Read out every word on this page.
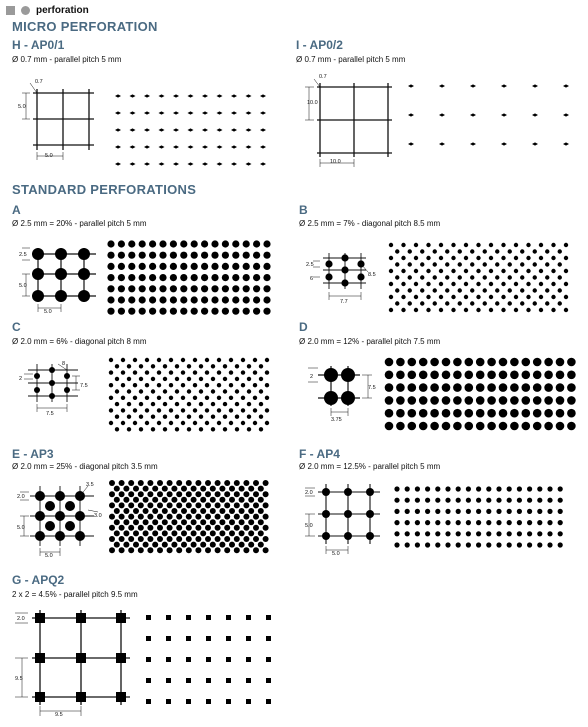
perforation
MICRO PERFORATION
STANDARD PERFORATIONS
H - AP0/1
Ø 0.7 mm - parallel pitch 5 mm
0.7
5.0
5.0
I - AP0/2
Ø 0.7 mm - parallel pitch 5 mm
0.7
10.0
10.0
A
Ø 2.5 mm = 20% - parallel pitch 5 mm
2.5
5.0
5.0
B
Ø 2.5 mm = 7% - diagonal pitch 8.5 mm
2.5
6
8.5
7.7
C
Ø 2.0 mm = 6% - diagonal pitch 8 mm
2
8
7.5
7.5
D
Ø 2.0 mm = 12% - parallel pitch 7.5 mm
2
7.5
3.75
E - AP3
Ø 2.0 mm = 25% - diagonal pitch 3.5 mm
2.0
3.5
5.0
3.0
5.0
F - AP4
Ø 2.0 mm = 12.5% - parallel pitch 5 mm
2.0
5.0
5.0
G - APQ2
2 x 2 = 4.5% - parallel pitch 9.5 mm
2.0
9.5
9.5
